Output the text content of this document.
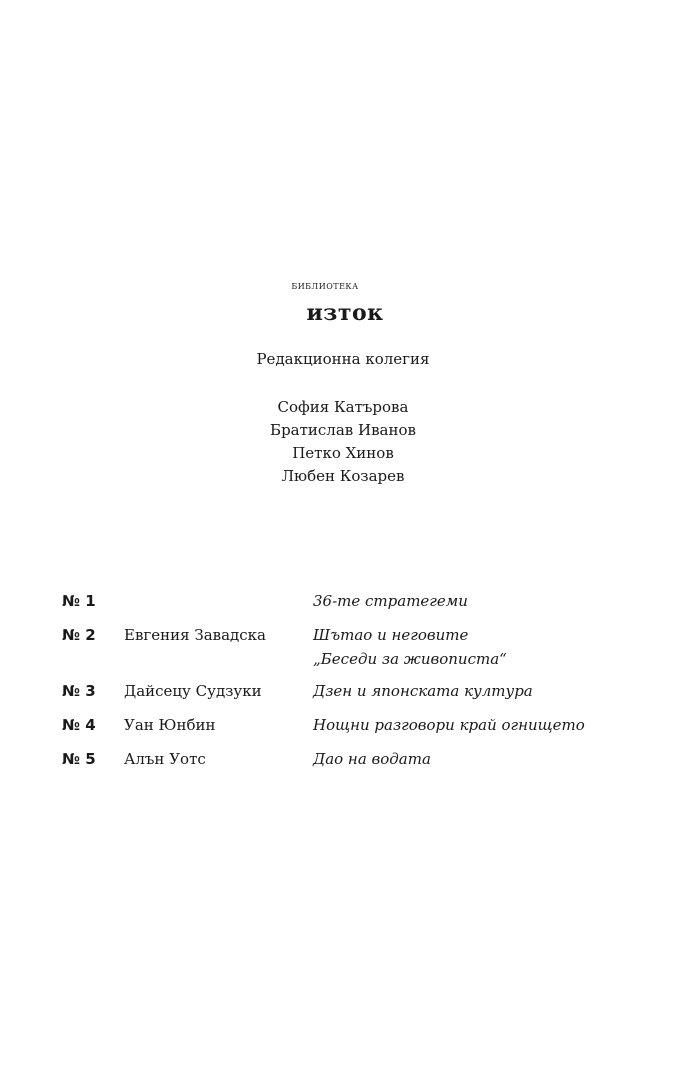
библиотека
изток
Редакционна колегия
София Катърова
Братислав Иванов
Петко Хинов
Любен Козарев
№ 1	36-те стратегеми
№ 2 Евгения Завадска	Шътао и неговите
„Беседи за живописта“
№ 3 Дайсецу Судзуки	Дзен и японската култура
№ 4 Уан Юнбин	Нощни разговори край огнището
№ 5 Алън Уотс	Дао на водата
